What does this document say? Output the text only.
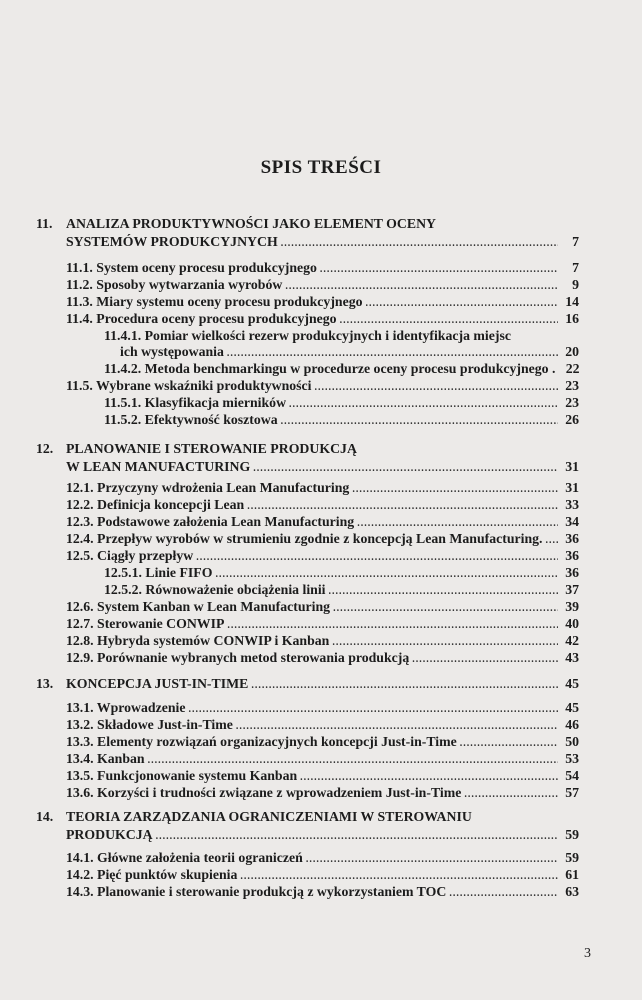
SPIS TREŚCI
11. ANALIZA PRODUKTYWNOŚCI JAKO ELEMENT OCENY
SYSTEMÓW PRODUKCYJNYCH .....	7
11.1. System oceny procesu produkcyjnego .....	7
11.2. Sposoby wytwarzania wyrobów .....	9
11.3. Miary systemu oceny procesu produkcyjnego .....	14
11.4. Procedura oceny procesu produkcyjnego .....	16
11.4.1. Pomiar wielkości rezerw produkcyjnych i identyfikacja miejsc
ich występowania .....	20
11.4.2. Metoda benchmarkingu w procedurze oceny procesu produkcyjnego . 22
11.5. Wybrane wskaźniki produktywności .....	23
11.5.1. Klasyfikacja mierników .....	23
11.5.2. Efektywność kosztowa .....	26
12. PLANOWANIE I STEROWANIE PRODUKCJĄ
W LEAN MANUFACTURING .....	31
12.1. Przyczyny wdrożenia Lean Manufacturing .....	31
12.2. Definicja koncepcji Lean .....	33
12.3. Podstawowe założenia Lean Manufacturing .....	34
12.4. Przepływ wyrobów w strumieniu zgodnie z koncepcją Lean Manufacturing. .....	36
12.5. Ciągły przepływ .....	36
12.5.1. Linie FIFO .....	36
12.5.2. Równoważenie obciążenia linii .....	37
12.6. System Kanban w Lean Manufacturing .....	39
12.7. Sterowanie CONWIP .....	40
12.8. Hybryda systemów CONWIP i Kanban .....	42
12.9. Porównanie wybranych metod sterowania produkcją .....	43
13. KONCEPCJA JUST-IN-TIME .....	45
13.1. Wprowadzenie .....	45
13.2. Składowe Just-in-Time .....	46
13.3. Elementy rozwiązań organizacyjnych koncepcji Just-in-Time .....	50
13.4. Kanban .....	53
13.5. Funkcjonowanie systemu Kanban .....	54
13.6. Korzyści i trudności związane z wprowadzeniem Just-in-Time .....	57
14. TEORIA ZARZĄDZANIA OGRANICZENIAMI W STEROWANIU
PRODUKCJĄ .....	59
14.1. Główne założenia teorii ograniczeń .....	59
14.2. Pięć punktów skupienia .....	61
14.3. Planowanie i sterowanie produkcją z wykorzystaniem TOC .....	63
3
